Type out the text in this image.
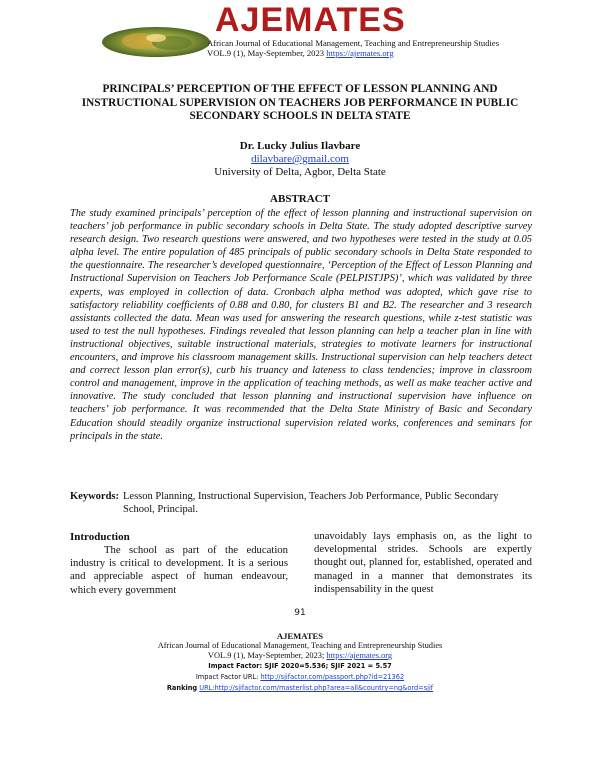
AJEMATES
African Journal of Educational Management, Teaching and Entrepreneurship Studies
VOL.9 (1), May-September, 2023 https://ajemates.org
PRINCIPALS’ PERCEPTION OF THE EFFECT OF LESSON PLANNING AND INSTRUCTIONAL SUPERVISION ON TEACHERS JOB PERFORMANCE IN PUBLIC SECONDARY SCHOOLS IN DELTA STATE
Dr. Lucky Julius Ilavbare
dilavbare@gmail.com
University of Delta, Agbor, Delta State
ABSTRACT
The study examined principals’ perception of the effect of lesson planning and instructional supervision on teachers’ job performance in public secondary schools in Delta State. The study adopted descriptive survey research design. Two research questions were answered, and two hypotheses were tested in the study at 0.05 alpha level. The entire population of 485 principals of public secondary schools in Delta State responded to the questionnaire. The researcher’s developed questionnaire, ‘Perception of the Effect of Lesson Planning and Instructional Supervision on Teachers Job Performance Scale (PELPISTJPS)’, which was validated by three experts, was employed in collection of data. Cronbach alpha method was adopted, which gave rise to satisfactory reliability coefficients of 0.88 and 0.80, for clusters B1 and B2. The researcher and 3 research assistants collected the data. Mean was used for answering the research questions, while z-test statistic was used to test the null hypotheses. Findings revealed that lesson planning can help a teacher plan in line with instructional objectives, suitable instructional materials, strategies to motivate learners for instructional encounters, and improve his classroom management skills. Instructional supervision can help teachers detect and correct lesson plan error(s), curb his truancy and lateness to class tendencies; improve in classroom control and management, improve in the application of teaching methods, as well as make teacher active and innovative. The study concluded that lesson planning and instructional supervision have influence on teachers’ job performance. It was recommended that the Delta State Ministry of Basic and Secondary Education should steadily organize instructional supervision related works, conferences and seminars for principals in the state.
Keywords: Lesson Planning, Instructional Supervision, Teachers Job Performance, Public Secondary School, Principal.
Introduction
The school as part of the education industry is critical to development. It is a serious and appreciable aspect of human endeavour, which every government
unavoidably lays emphasis on, as the light to developmental strides. Schools are expertly thought out, planned for, established, operated and managed in a manner that demonstrates its indispensability in the quest
91
AJEMATES
African Journal of Educational Management, Teaching and Entrepreneurship Studies
VOL.9 (1), May-September, 2023; https://ajemates.org
Impact Factor: SJIF 2020=5.536; SJIF 2021 = 5.57
Impact Factor URL: http://sjifactor.com/passport.php?id=21362
Ranking URL:http://sjifactor.com/masterlist.php?area=all&country=ng&ord=sjif
